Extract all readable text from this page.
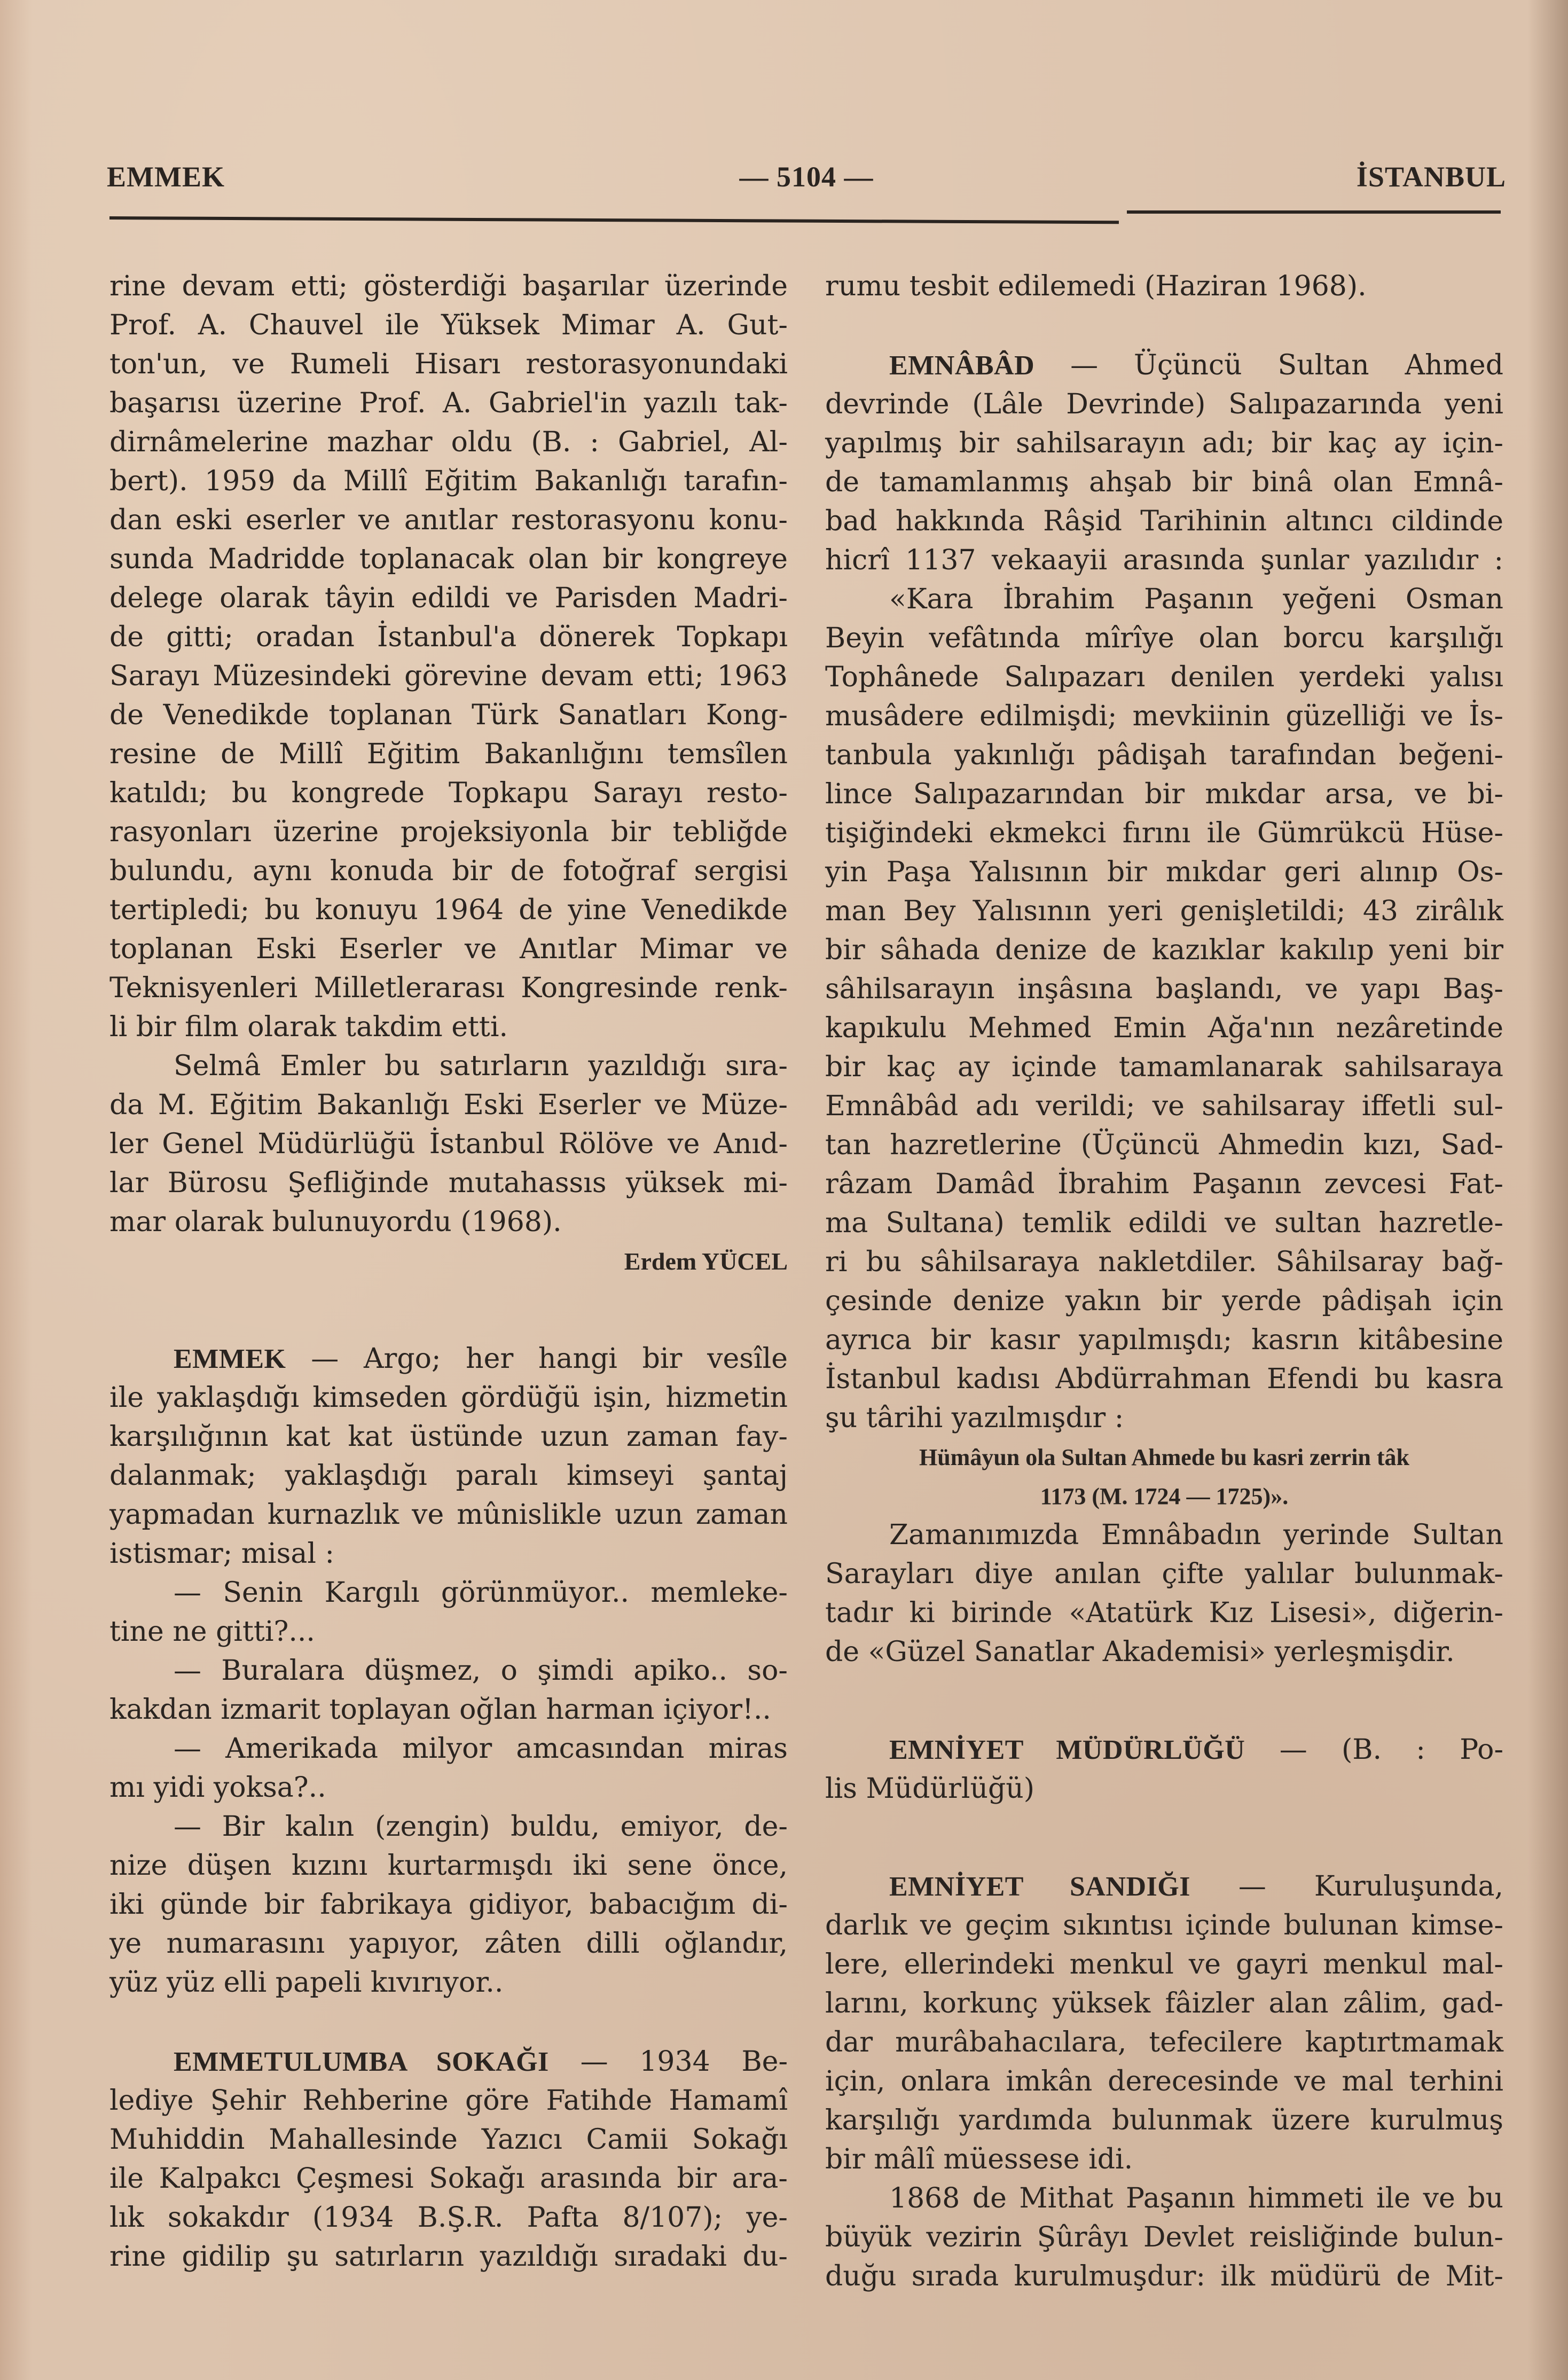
EMMEK	— 5104 —	İSTANBUL
rine devam etti; gösterdiği başarılar üzerinde
Prof. A. Chauvel ile Yüksek Mimar A. Gut-
ton'un, ve Rumeli Hisarı restorasyonundaki
başarısı üzerine Prof. A. Gabriel'in yazılı tak-
dirnâmelerine mazhar oldu (B. : Gabriel, Al-
bert). 1959 da Millî Eğitim Bakanlığı tarafın-
dan eski eserler ve anıtlar restorasyonu konu-
sunda Madridde toplanacak olan bir kongreye
delege olarak tâyin edildi ve Parisden Madri-
de gitti; oradan İstanbul'a dönerek Topkapı
Sarayı Müzesindeki görevine devam etti; 1963
de Venedikde toplanan Türk Sanatları Kong-
resine de Millî Eğitim Bakanlığını temsîlen
katıldı; bu kongrede Topkapu Sarayı resto-
rasyonları üzerine projeksiyonla bir tebliğde
bulundu, aynı konuda bir de fotoğraf sergisi
tertipledi; bu konuyu 1964 de yine Venedikde
toplanan Eski Eserler ve Anıtlar Mimar ve
Teknisyenleri Milletlerarası Kongresinde renk-
li bir film olarak takdim etti.
Selmâ Emler bu satırların yazıldığı sıra-
da M. Eğitim Bakanlığı Eski Eserler ve Müze-
ler Genel Müdürlüğü İstanbul Rölöve ve Anıd-
lar Bürosu Şefliğinde mutahassıs yüksek mi-
mar olarak bulunuyordu (1968).
Erdem YÜCEL
EMMEK — Argo; her hangi bir vesîle
ile yaklaşdığı kimseden gördüğü işin, hizmetin
karşılığının kat kat üstünde uzun zaman fay-
dalanmak; yaklaşdığı paralı kimseyi şantaj
yapmadan kurnazlık ve mûnislikle uzun zaman
istismar; misal :
— Senin Kargılı görünmüyor.. memleke-
tine ne gitti?...
— Buralara düşmez, o şimdi apiko.. so-
kakdan izmarit toplayan oğlan harman içiyor!..
— Amerikada milyor amcasından miras
mı yidi yoksa?..
— Bir kalın (zengin) buldu, emiyor, de-
nize düşen kızını kurtarmışdı iki sene önce,
iki günde bir fabrikaya gidiyor, babacığım di-
ye numarasını yapıyor, zâten dilli oğlandır,
yüz yüz elli papeli kıvırıyor..
EMMETULUMBA SOKAĞI — 1934 Be-
lediye Şehir Rehberine göre Fatihde Hamamî
Muhiddin Mahallesinde Yazıcı Camii Sokağı
ile Kalpakcı Çeşmesi Sokağı arasında bir ara-
lık sokakdır (1934 B.Ş.R. Pafta 8/107); ye-
rine gidilip şu satırların yazıldığı sıradaki du-
rumu tesbit edilemedi (Haziran 1968).
EMNÂBÂD — Üçüncü Sultan Ahmed
devrinde (Lâle Devrinde) Salıpazarında yeni
yapılmış bir sahilsarayın adı; bir kaç ay için-
de tamamlanmış ahşab bir binâ olan Emnâ-
bad hakkında Râşid Tarihinin altıncı cildinde
hicrî 1137 vekaayii arasında şunlar yazılıdır :
«Kara İbrahim Paşanın yeğeni Osman
Beyin vefâtında mîrîye olan borcu karşılığı
Tophânede Salıpazarı denilen yerdeki yalısı
musâdere edilmişdi; mevkiinin güzelliği ve İs-
tanbula yakınlığı pâdişah tarafından beğeni-
lince Salıpazarından bir mıkdar arsa, ve bi-
tişiğindeki ekmekci fırını ile Gümrükcü Hüse-
yin Paşa Yalısının bir mıkdar geri alınıp Os-
man Bey Yalısının yeri genişletildi; 43 zirâlık
bir sâhada denize de kazıklar kakılıp yeni bir
sâhilsarayın inşâsına başlandı, ve yapı Baş-
kapıkulu Mehmed Emin Ağa'nın nezâretinde
bir kaç ay içinde tamamlanarak sahilsaraya
Emnâbâd adı verildi; ve sahilsaray iffetli sul-
tan hazretlerine (Üçüncü Ahmedin kızı, Sad-
râzam Damâd İbrahim Paşanın zevcesi Fat-
ma Sultana) temlik edildi ve sultan hazretle-
ri bu sâhilsaraya nakletdiler. Sâhilsaray bağ-
çesinde denize yakın bir yerde pâdişah için
ayrıca bir kasır yapılmışdı; kasrın kitâbesine
İstanbul kadısı Abdürrahman Efendi bu kasra
şu târihi yazılmışdır :
Hümâyun ola Sultan Ahmede bu kasri zerrin tâk
1173 (M. 1724 — 1725)».
Zamanımızda Emnâbadın yerinde Sultan
Sarayları diye anılan çifte yalılar bulunmak-
tadır ki birinde «Atatürk Kız Lisesi», diğerin-
de «Güzel Sanatlar Akademisi» yerleşmişdir.
EMNİYET MÜDÜRLÜĞÜ — (B. : Po-
lis Müdürlüğü)
EMNİYET SANDIĞI — Kuruluşunda,
darlık ve geçim sıkıntısı içinde bulunan kimse-
lere, ellerindeki menkul ve gayri menkul mal-
larını, korkunç yüksek fâizler alan zâlim, gad-
dar murâbahacılara, tefecilere kaptırtmamak
için, onlara imkân derecesinde ve mal terhini
karşılığı yardımda bulunmak üzere kurulmuş
bir mâlî müessese idi.
1868 de Mithat Paşanın himmeti ile ve bu
büyük vezirin Şûrâyı Devlet reisliğinde bulun-
duğu sırada kurulmuşdur: ilk müdürü de Mit-
